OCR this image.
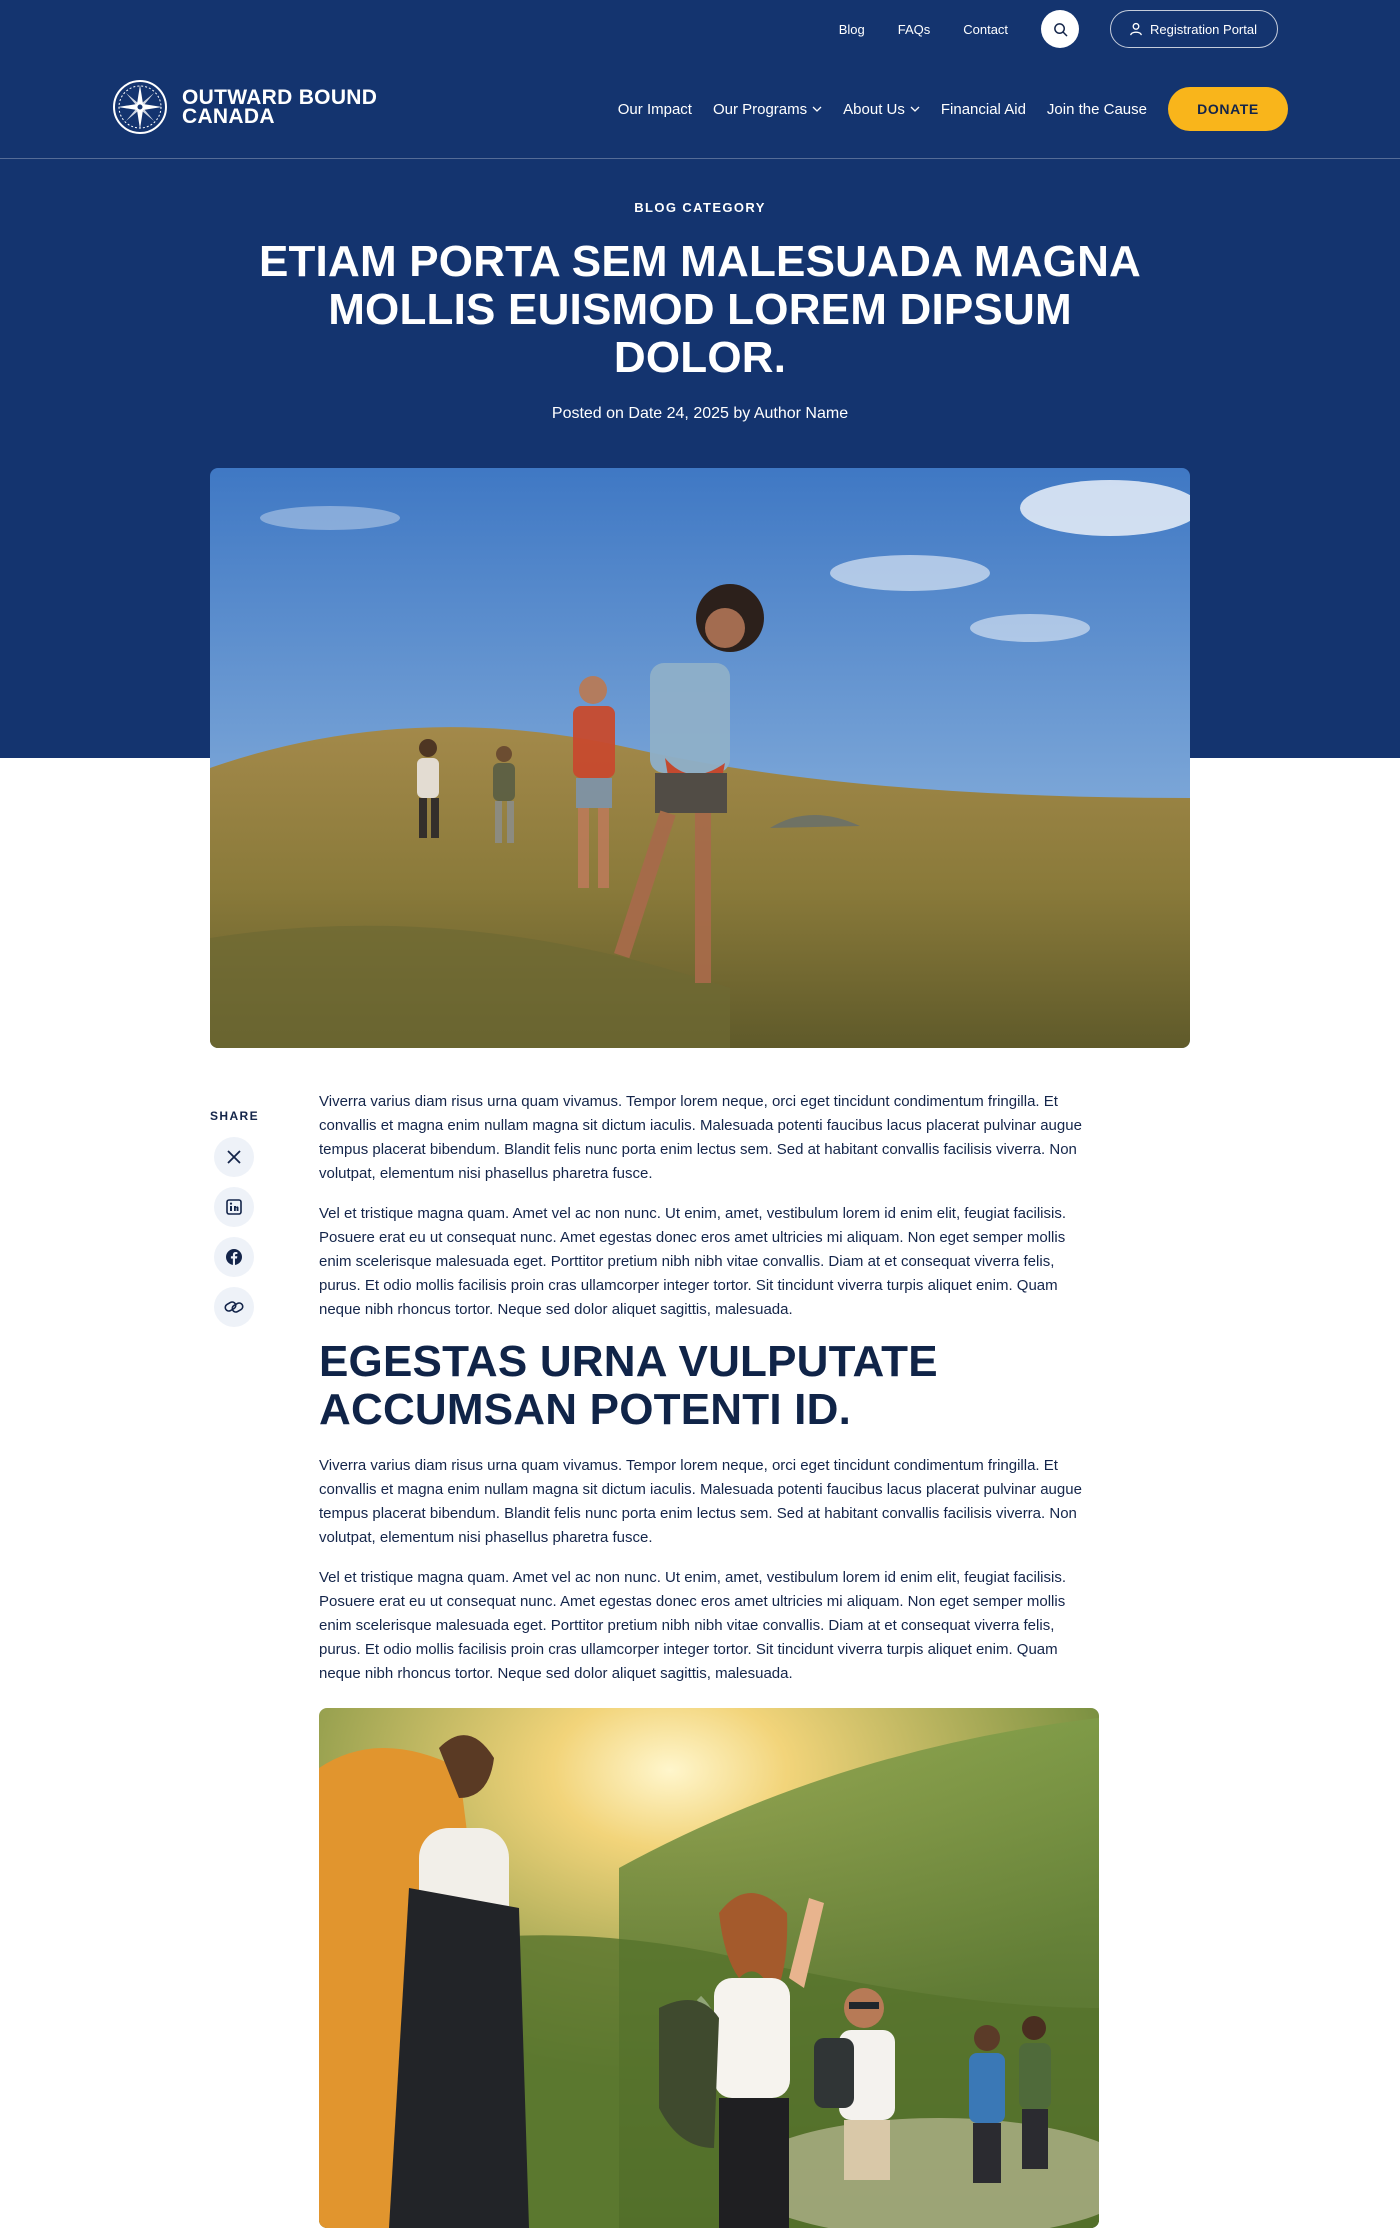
Blog	FAQs	Contact	Registration Portal
OUTWARD BOUND
CANADA	Our Impact Our Programs About Us Financial Aid Join the Cause	DONATE
BLOG CATEGORY
ETIAM PORTA SEM MALESUADA MAGNA MOLLIS EUISMOD LOREM DIPSUM DOLOR.
Posted on Date 24, 2025 by Author Name
SHARE

Viverra varius diam risus urna quam vivamus. Tempor lorem neque, orci eget tincidunt condimentum fringilla. Et convallis et magna enim nullam magna sit dictum iaculis. Malesuada potenti faucibus lacus placerat pulvinar augue tempus placerat bibendum. Blandit felis nunc porta enim lectus sem. Sed at habitant convallis facilisis viverra. Non volutpat, elementum nisi phasellus pharetra fusce.

Vel et tristique magna quam. Amet vel ac non nunc. Ut enim, amet, vestibulum lorem id enim elit, feugiat facilisis. Posuere erat eu ut consequat nunc. Amet egestas donec eros amet ultricies mi aliquam. Non eget semper mollis enim scelerisque malesuada eget. Porttitor pretium nibh nibh vitae convallis. Diam at et consequat viverra felis, purus. Et odio mollis facilisis proin cras ullamcorper integer tortor. Sit tincidunt viverra turpis aliquet enim. Quam neque nibh rhoncus tortor. Neque sed dolor aliquet sagittis, malesuada.

EGESTAS URNA VULPUTATE ACCUMSAN POTENTI ID.

Viverra varius diam risus urna quam vivamus. Tempor lorem neque, orci eget tincidunt condimentum fringilla. Et convallis et magna enim nullam magna sit dictum iaculis. Malesuada potenti faucibus lacus placerat pulvinar augue tempus placerat bibendum. Blandit felis nunc porta enim lectus sem. Sed at habitant convallis facilisis viverra. Non volutpat, elementum nisi phasellus pharetra fusce.

Vel et tristique magna quam. Amet vel ac non nunc. Ut enim, amet, vestibulum lorem id enim elit, feugiat facilisis. Posuere erat eu ut consequat nunc. Amet egestas donec eros amet ultricies mi aliquam. Non eget semper mollis enim scelerisque malesuada eget. Porttitor pretium nibh nibh vitae convallis. Diam at et consequat viverra felis, purus. Et odio mollis facilisis proin cras ullamcorper integer tortor. Sit tincidunt viverra turpis aliquet enim. Quam neque nibh rhoncus tortor. Neque sed dolor aliquet sagittis, malesuada.
